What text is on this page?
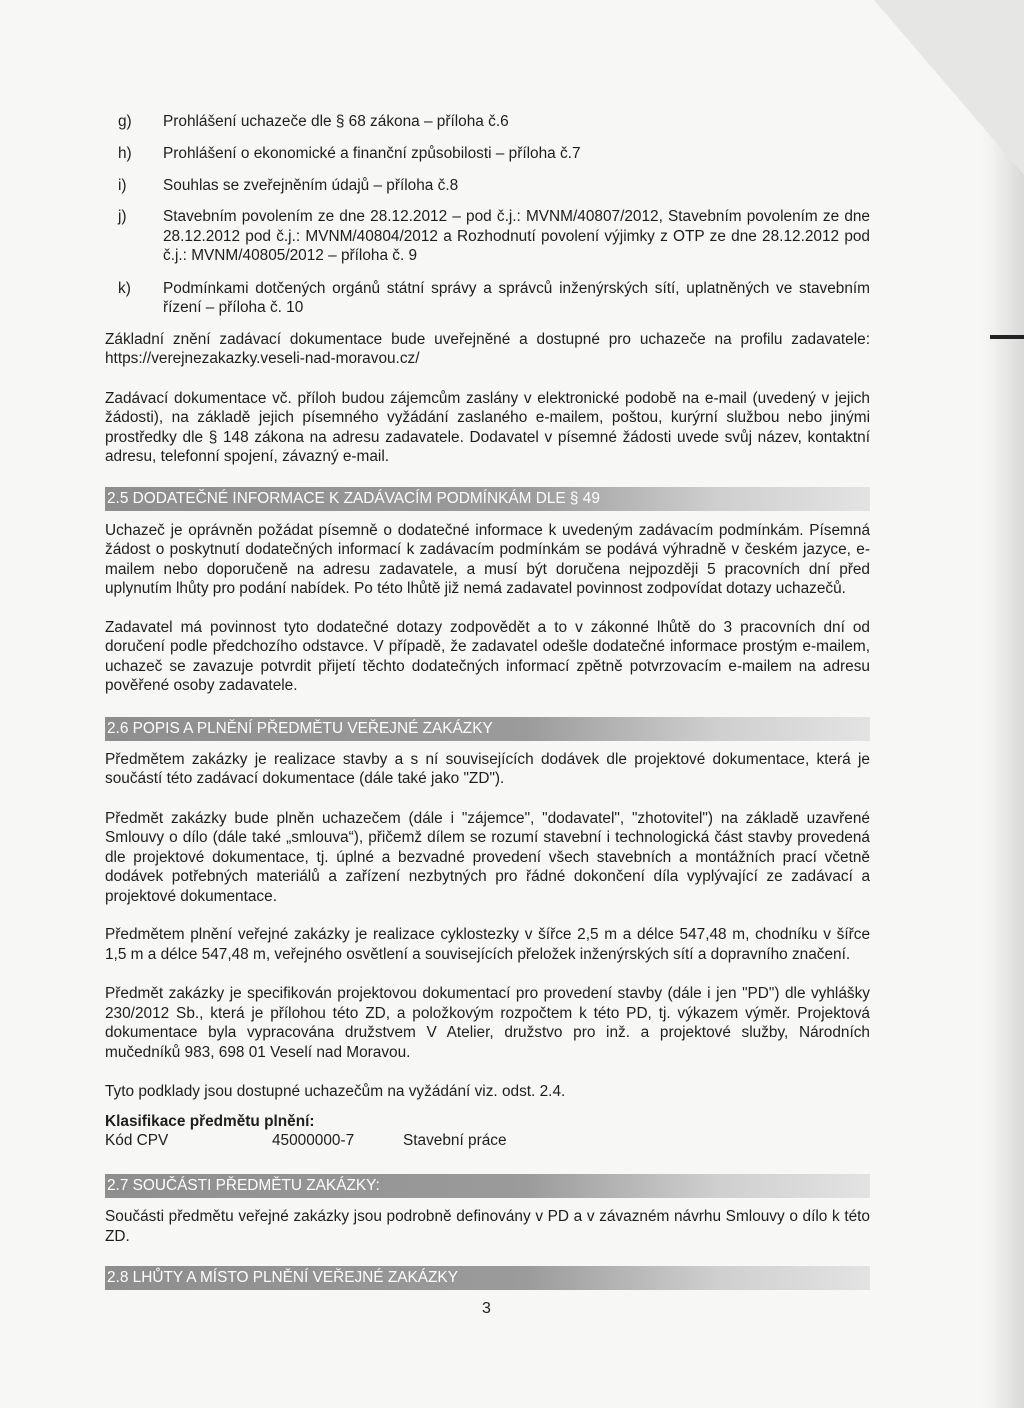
g) Prohlášení uchazeče dle § 68 zákona – příloha č.6
h) Prohlášení o ekonomické a finanční způsobilosti – příloha č.7
i) Souhlas se zveřejněním údajů – příloha č.8
j) Stavebním povolením ze dne 28.12.2012 – pod č.j.: MVNM/40807/2012, Stavebním povolením ze dne 28.12.2012 pod č.j.: MVNM/40804/2012 a Rozhodnutí povolení výjimky z OTP ze dne 28.12.2012 pod č.j.: MVNM/40805/2012 – příloha č. 9
k) Podmínkami dotčených orgánů státní správy a správců inženýrských sítí, uplatněných ve stavebním řízení – příloha č. 10

Základní znění zadávací dokumentace bude uveřejněné a dostupné pro uchazeče na profilu zadavatele: https://verejnezakazky.veseli-nad-moravou.cz/

Zadávací dokumentace vč. příloh budou zájemcům zaslány v elektronické podobě na e-mail (uvedený v jejich žádosti), na základě jejich písemného vyžádání zaslaného e-mailem, poštou, kurýrní službou nebo jinými prostředky dle § 148 zákona na adresu zadavatele. Dodavatel v písemné žádosti uvede svůj název, kontaktní adresu, telefonní spojení, závazný e-mail.

2.5 DODATEČNÉ INFORMACE K ZADÁVACÍM PODMÍNKÁM DLE § 49

Uchazeč je oprávněn požádat písemně o dodatečné informace k uvedeným zadávacím podmínkám. Písemná žádost o poskytnutí dodatečných informací k zadávacím podmínkám se podává výhradně v českém jazyce, e-mailem nebo doporučeně na adresu zadavatele, a musí být doručena nejpozději 5 pracovních dní před uplynutím lhůty pro podání nabídek. Po této lhůtě již nemá zadavatel povinnost zodpovídat dotazy uchazečů.

Zadavatel má povinnost tyto dodatečné dotazy zodpovědět a to v zákonné lhůtě do 3 pracovních dní od doručení podle předchozího odstavce. V případě, že zadavatel odešle dodatečné informace prostým e-mailem, uchazeč se zavazuje potvrdit přijetí těchto dodatečných informací zpětně potvrzovacím e-mailem na adresu pověřené osoby zadavatele.

2.6 POPIS A PLNĚNÍ PŘEDMĚTU VEŘEJNÉ ZAKÁZKY

Předmětem zakázky je realizace stavby a s ní souvisejících dodávek dle projektové dokumentace, která je součástí této zadávací dokumentace (dále také jako "ZD").

Předmět zakázky bude plněn uchazečem (dále i "zájemce", "dodavatel", "zhotovitel") na základě uzavřené Smlouvy o dílo (dále také „smlouva“), přičemž dílem se rozumí stavební i technologická část stavby provedená dle projektové dokumentace, tj. úplné a bezvadné provedení všech stavebních a montážních prací včetně dodávek potřebných materiálů a zařízení nezbytných pro řádné dokončení díla vyplývající ze zadávací a projektové dokumentace.

Předmětem plnění veřejné zakázky je realizace cyklostezky v šířce 2,5 m a délce 547,48 m, chodníku v šířce 1,5 m a délce 547,48 m, veřejného osvětlení a souvisejících přeložek inženýrských sítí a dopravního značení.

Předmět zakázky je specifikován projektovou dokumentací pro provedení stavby (dále i jen "PD") dle vyhlášky 230/2012 Sb., která je přílohou této ZD, a položkovým rozpočtem k této PD, tj. výkazem výměr. Projektová dokumentace byla vypracována družstvem V Atelier, družstvo pro inž. a projektové služby, Národních mučedníků 983, 698 01 Veselí nad Moravou.

Tyto podklady jsou dostupné uchazečům na vyžádání viz. odst. 2.4.

Klasifikace předmětu plnění:

Kód CPV	45000000-7	Stavební práce
2.7 SOUČÁSTI PŘEDMĚTU ZAKÁZKY:

Součásti předmětu veřejné zakázky jsou podrobně definovány v PD a v závazném návrhu Smlouvy o dílo k této ZD.

2.8 LHŮTY A MÍSTO PLNĚNÍ VEŘEJNÉ ZAKÁZKY
3
